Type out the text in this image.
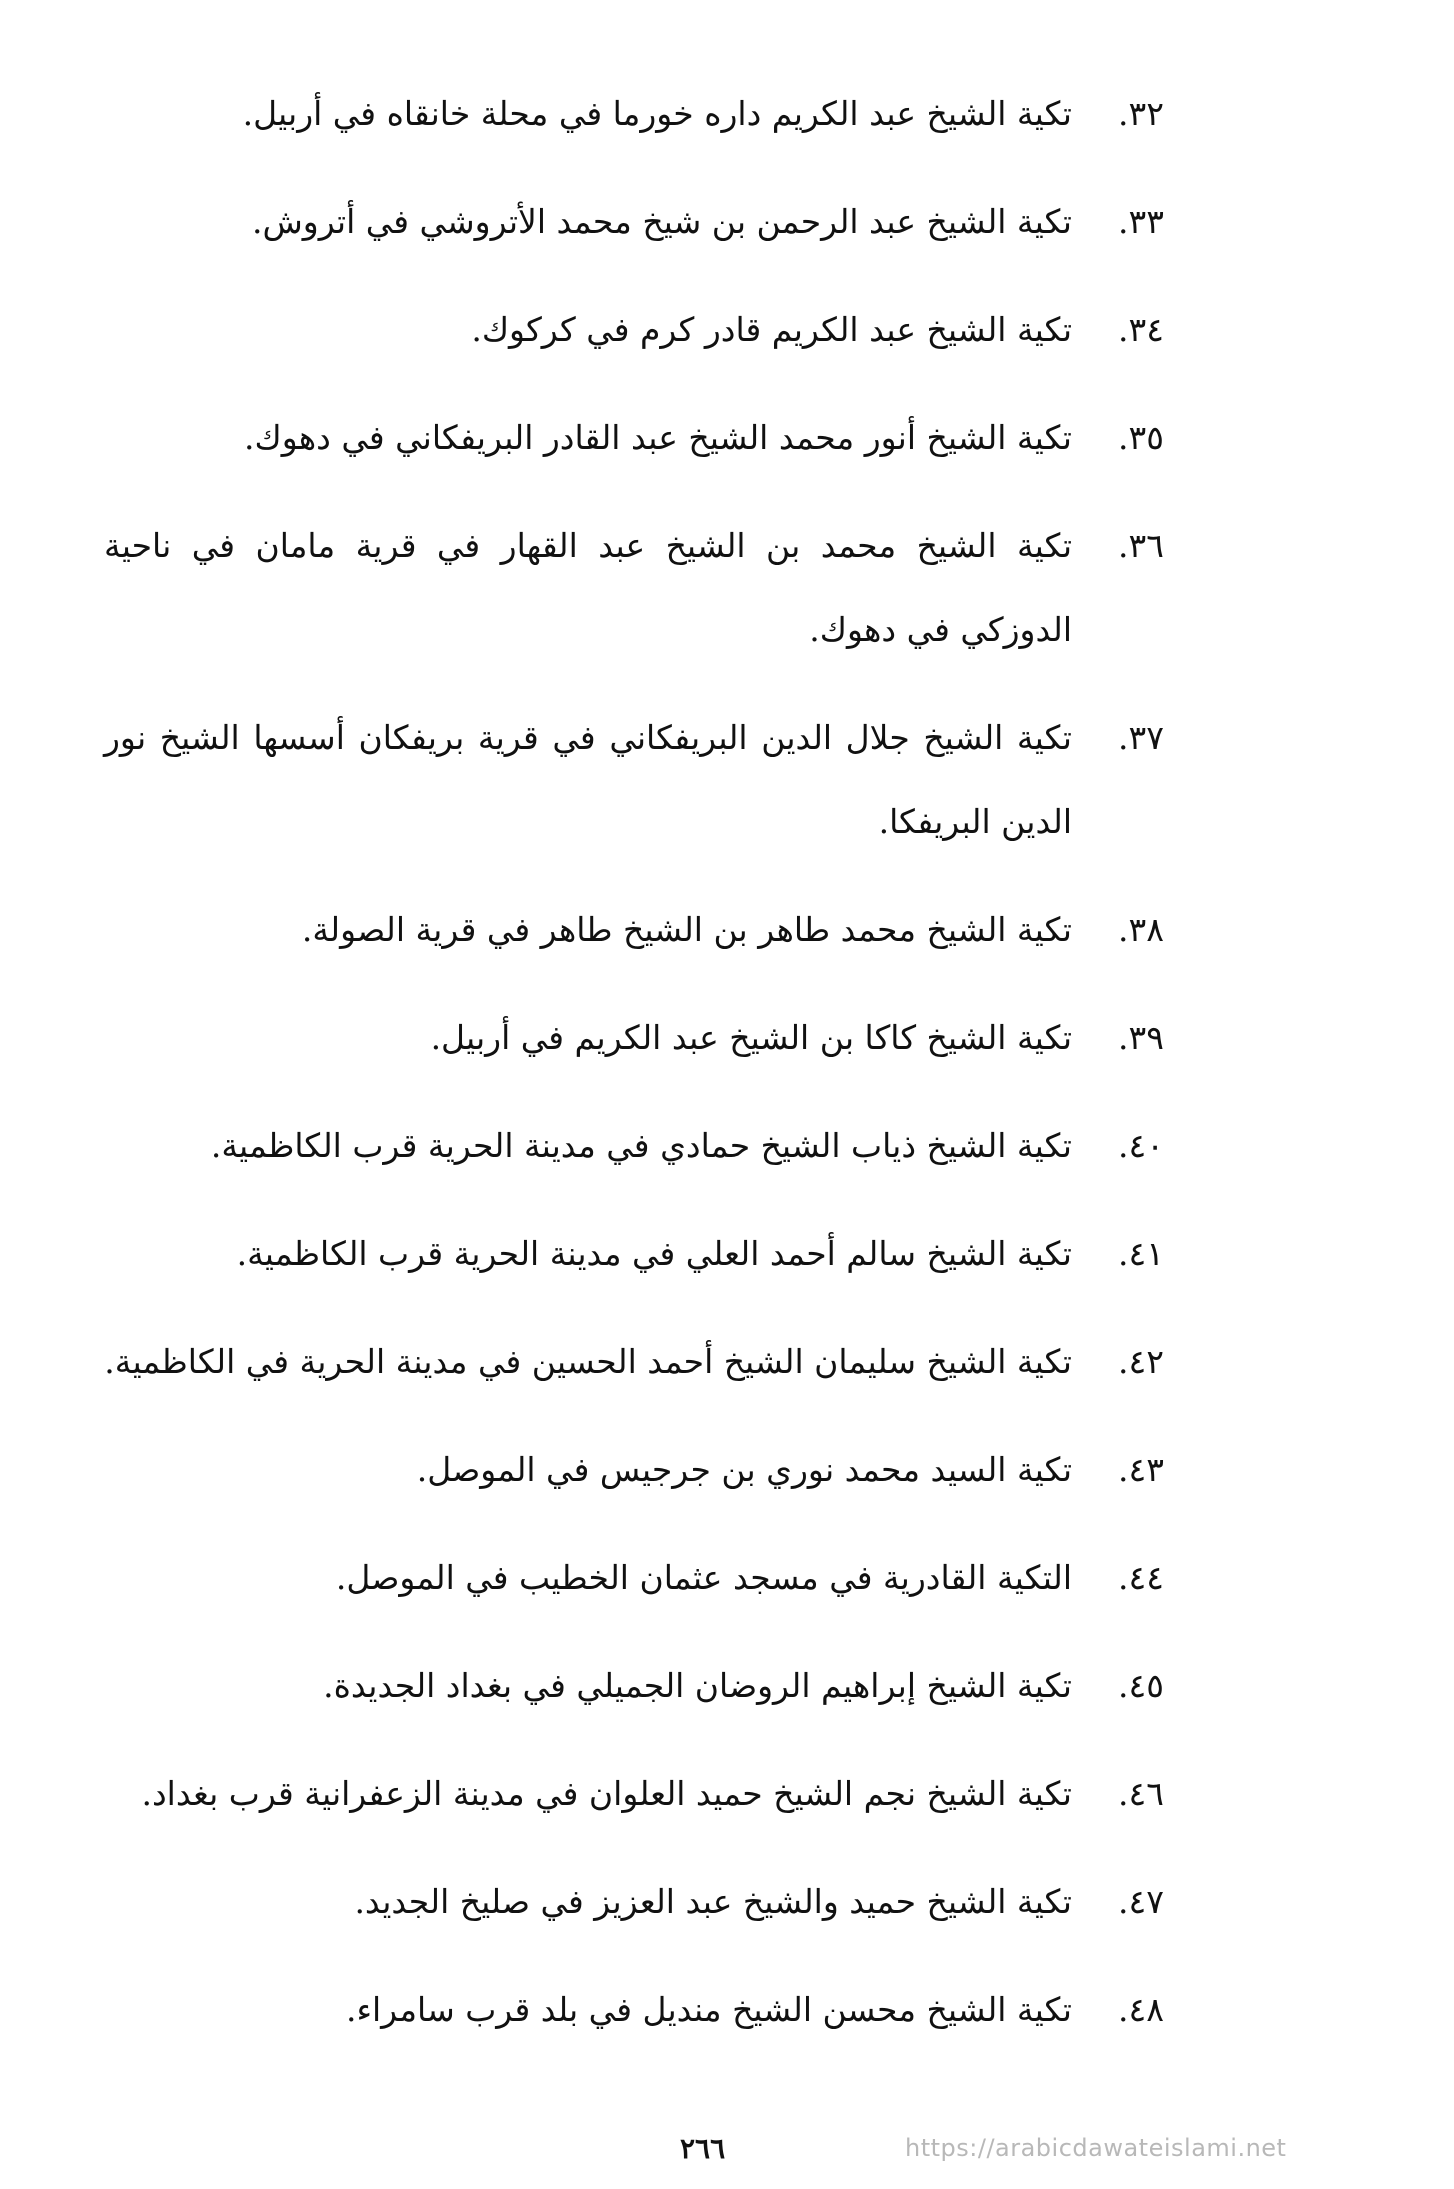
٣٢.
تكية الشيخ عبد الكريم داره خورما في محلة خانقاه في أربيل.
٣٣.
تكية الشيخ عبد الرحمن بن شيخ محمد الأتروشي في أتروش.
٣٤.
تكية الشيخ عبد الكريم قادر كرم في كركوك.
٣٥.
تكية الشيخ أنور محمد الشيخ عبد القادر البريفكاني في دهوك.
٣٦.
تكية الشيخ محمد بن الشيخ عبد القهار في قرية مامان في ناحية الدوزكي في دهوك.
٣٧.
تكية الشيخ جلال الدين البريفكاني في قرية بريفكان أسسها الشيخ نور الدين البريفكا.
٣٨.
تكية الشيخ محمد طاهر بن الشيخ طاهر في قرية الصولة.
٣٩.
تكية الشيخ كاكا بن الشيخ عبد الكريم في أربيل.
٤٠.
تكية الشيخ ذياب الشيخ حمادي في مدينة الحرية قرب الكاظمية.
٤١.
تكية الشيخ سالم أحمد العلي في مدينة الحرية قرب الكاظمية.
٤٢.
تكية الشيخ سليمان الشيخ أحمد الحسين في مدينة الحرية في الكاظمية.
٤٣.
تكية السيد محمد نوري بن جرجيس في الموصل.
٤٤.
التكية القادرية في مسجد عثمان الخطيب في الموصل.
٤٥.
تكية الشيخ إبراهيم الروضان الجميلي في بغداد الجديدة.
٤٦.
تكية الشيخ نجم الشيخ حميد العلوان في مدينة الزعفرانية قرب بغداد.
٤٧.
تكية الشيخ حميد والشيخ عبد العزيز في صليخ الجديد.
٤٨.
تكية الشيخ محسن الشيخ منديل في بلد قرب سامراء.
٢٦٦	https://arabicdawateislami.net
